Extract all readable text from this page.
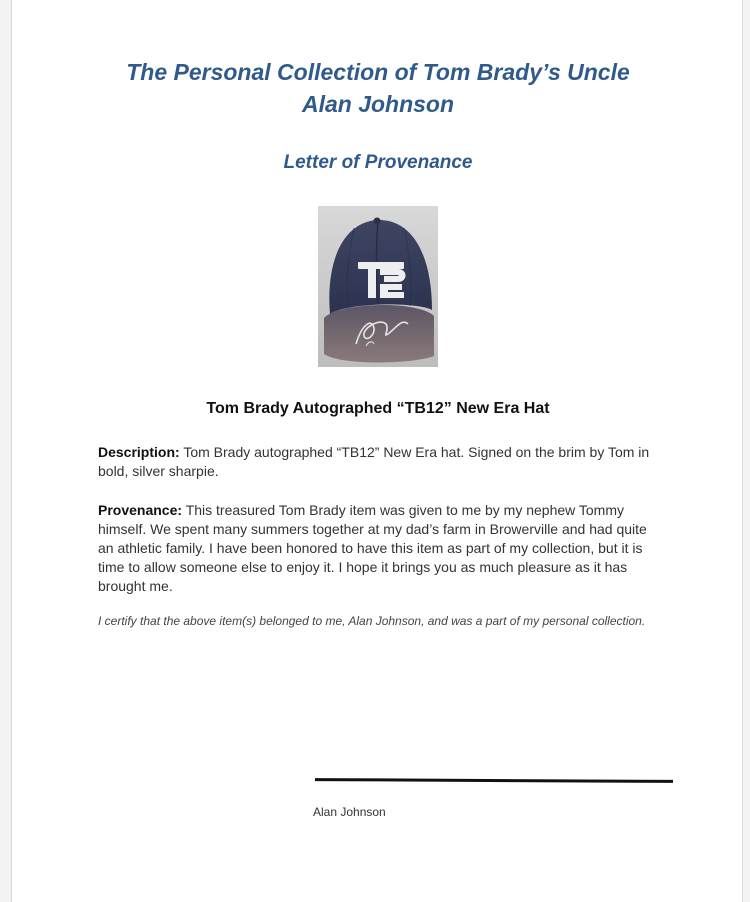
The Personal Collection of Tom Brady’s Uncle
Alan Johnson
Letter of Provenance
Tom Brady Autographed “TB12” New Era Hat
Description: Tom Brady autographed “TB12” New Era hat. Signed on the brim by Tom in bold, silver sharpie.
Provenance: This treasured Tom Brady item was given to me by my nephew Tommy himself. We spent many summers together at my dad’s farm in Browerville and had quite an athletic family. I have been honored to have this item as part of my collection, but it is time to allow someone else to enjoy it. I hope it brings you as much pleasure as it has brought me.
I certify that the above item(s) belonged to me, Alan Johnson, and was a part of my personal collection.
Alan Johnson
